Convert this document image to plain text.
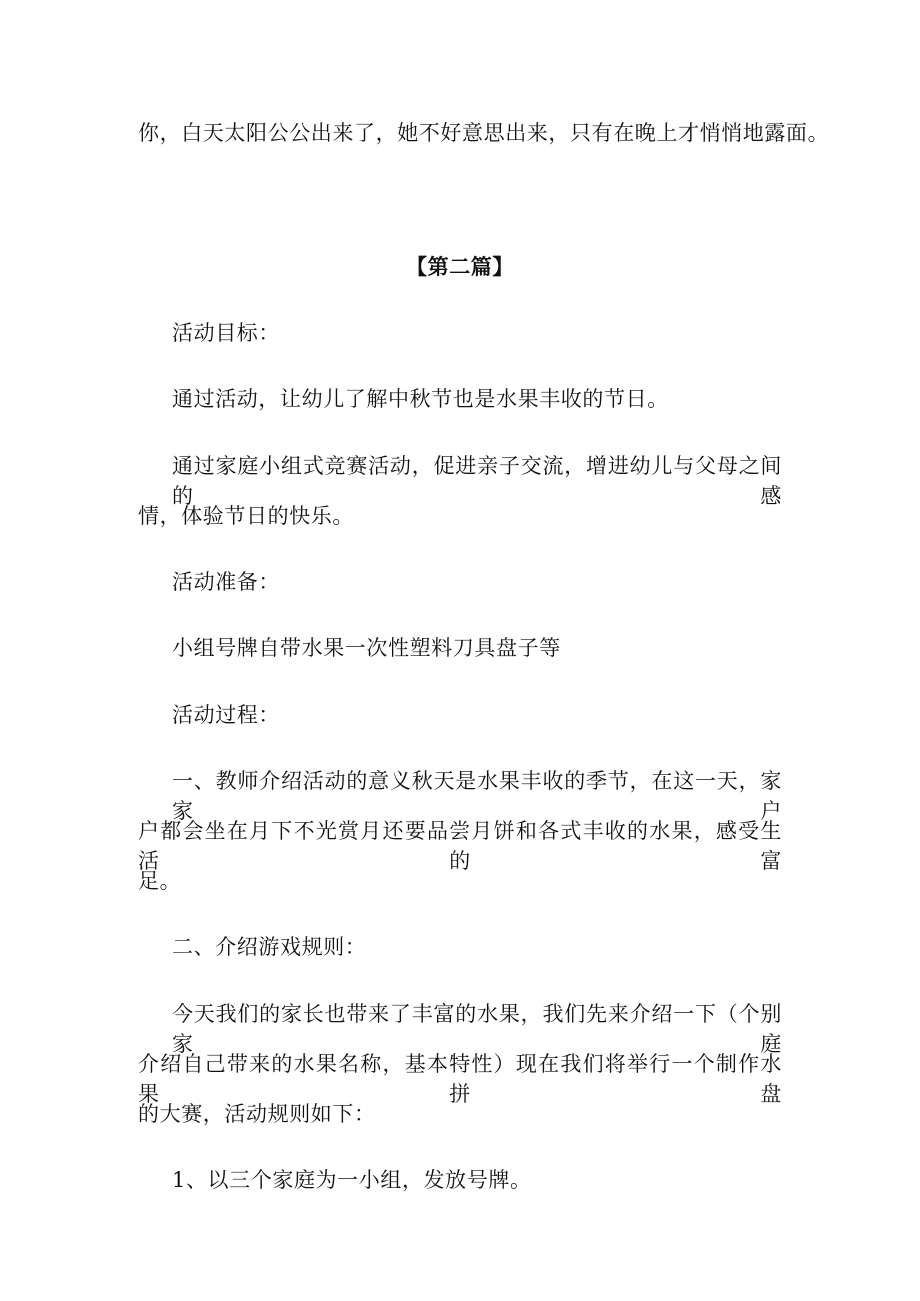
你，白天太阳公公出来了，她不好意思出来，只有在晚上才悄悄地露面。
【第二篇】
活动目标：
通过活动，让幼儿了解中秋节也是水果丰收的节日。
通过家庭小组式竞赛活动，促进亲子交流，增进幼儿与父母之间的感
情，体验节日的快乐。
活动准备：
小组号牌自带水果一次性塑料刀具盘子等
活动过程：
一、教师介绍活动的意义秋天是水果丰收的季节，在这一天，家家户
户都会坐在月下不光赏月还要品尝月饼和各式丰收的水果，感受生活的富
足。
二、介绍游戏规则：
今天我们的家长也带来了丰富的水果，我们先来介绍一下（个别家庭
介绍自己带来的水果名称，基本特性）现在我们将举行一个制作水果拼盘
的大赛，活动规则如下：
1、以三个家庭为一小组，发放号牌。
